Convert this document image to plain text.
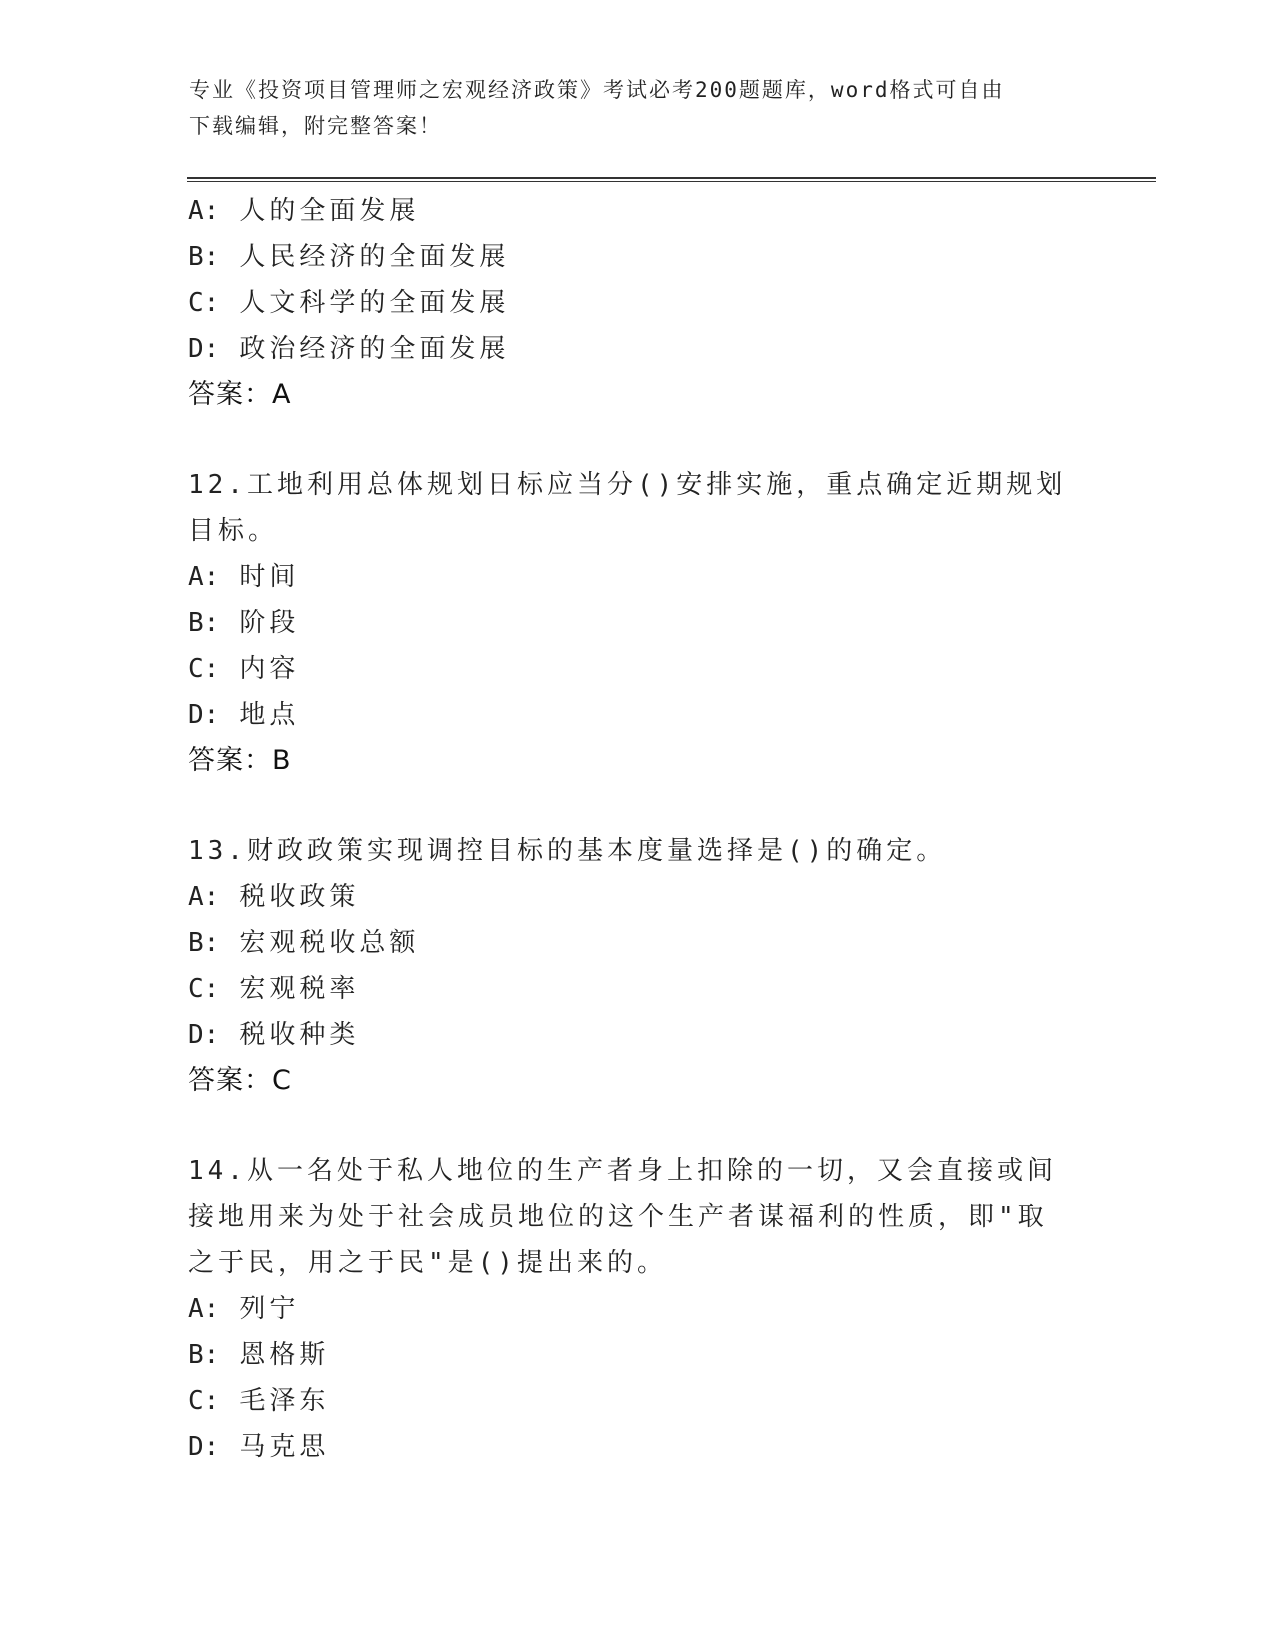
专业《投资项目管理师之宏观经济政策》考试必考200题题库，word格式可自由
下载编辑，附完整答案！
A: 人的全面发展
B: 人民经济的全面发展
C: 人文科学的全面发展
D: 政治经济的全面发展
答案：A
12.工地利用总体规划日标应当分()安排实施，重点确定近期规划目标。
A: 时间
B: 阶段
C: 内容
D: 地点
答案：B
13.财政政策实现调控目标的基本度量选择是()的确定。
A: 税收政策
B: 宏观税收总额
C: 宏观税率
D: 税收种类
答案：C
14.从一名处于私人地位的生产者身上扣除的一切，又会直接或间接地用来为处于社会成员地位的这个生产者谋福利的性质，即"取之于民，用之于民"是()提出来的。
A: 列宁
B: 恩格斯
C: 毛泽东
D: 马克思
